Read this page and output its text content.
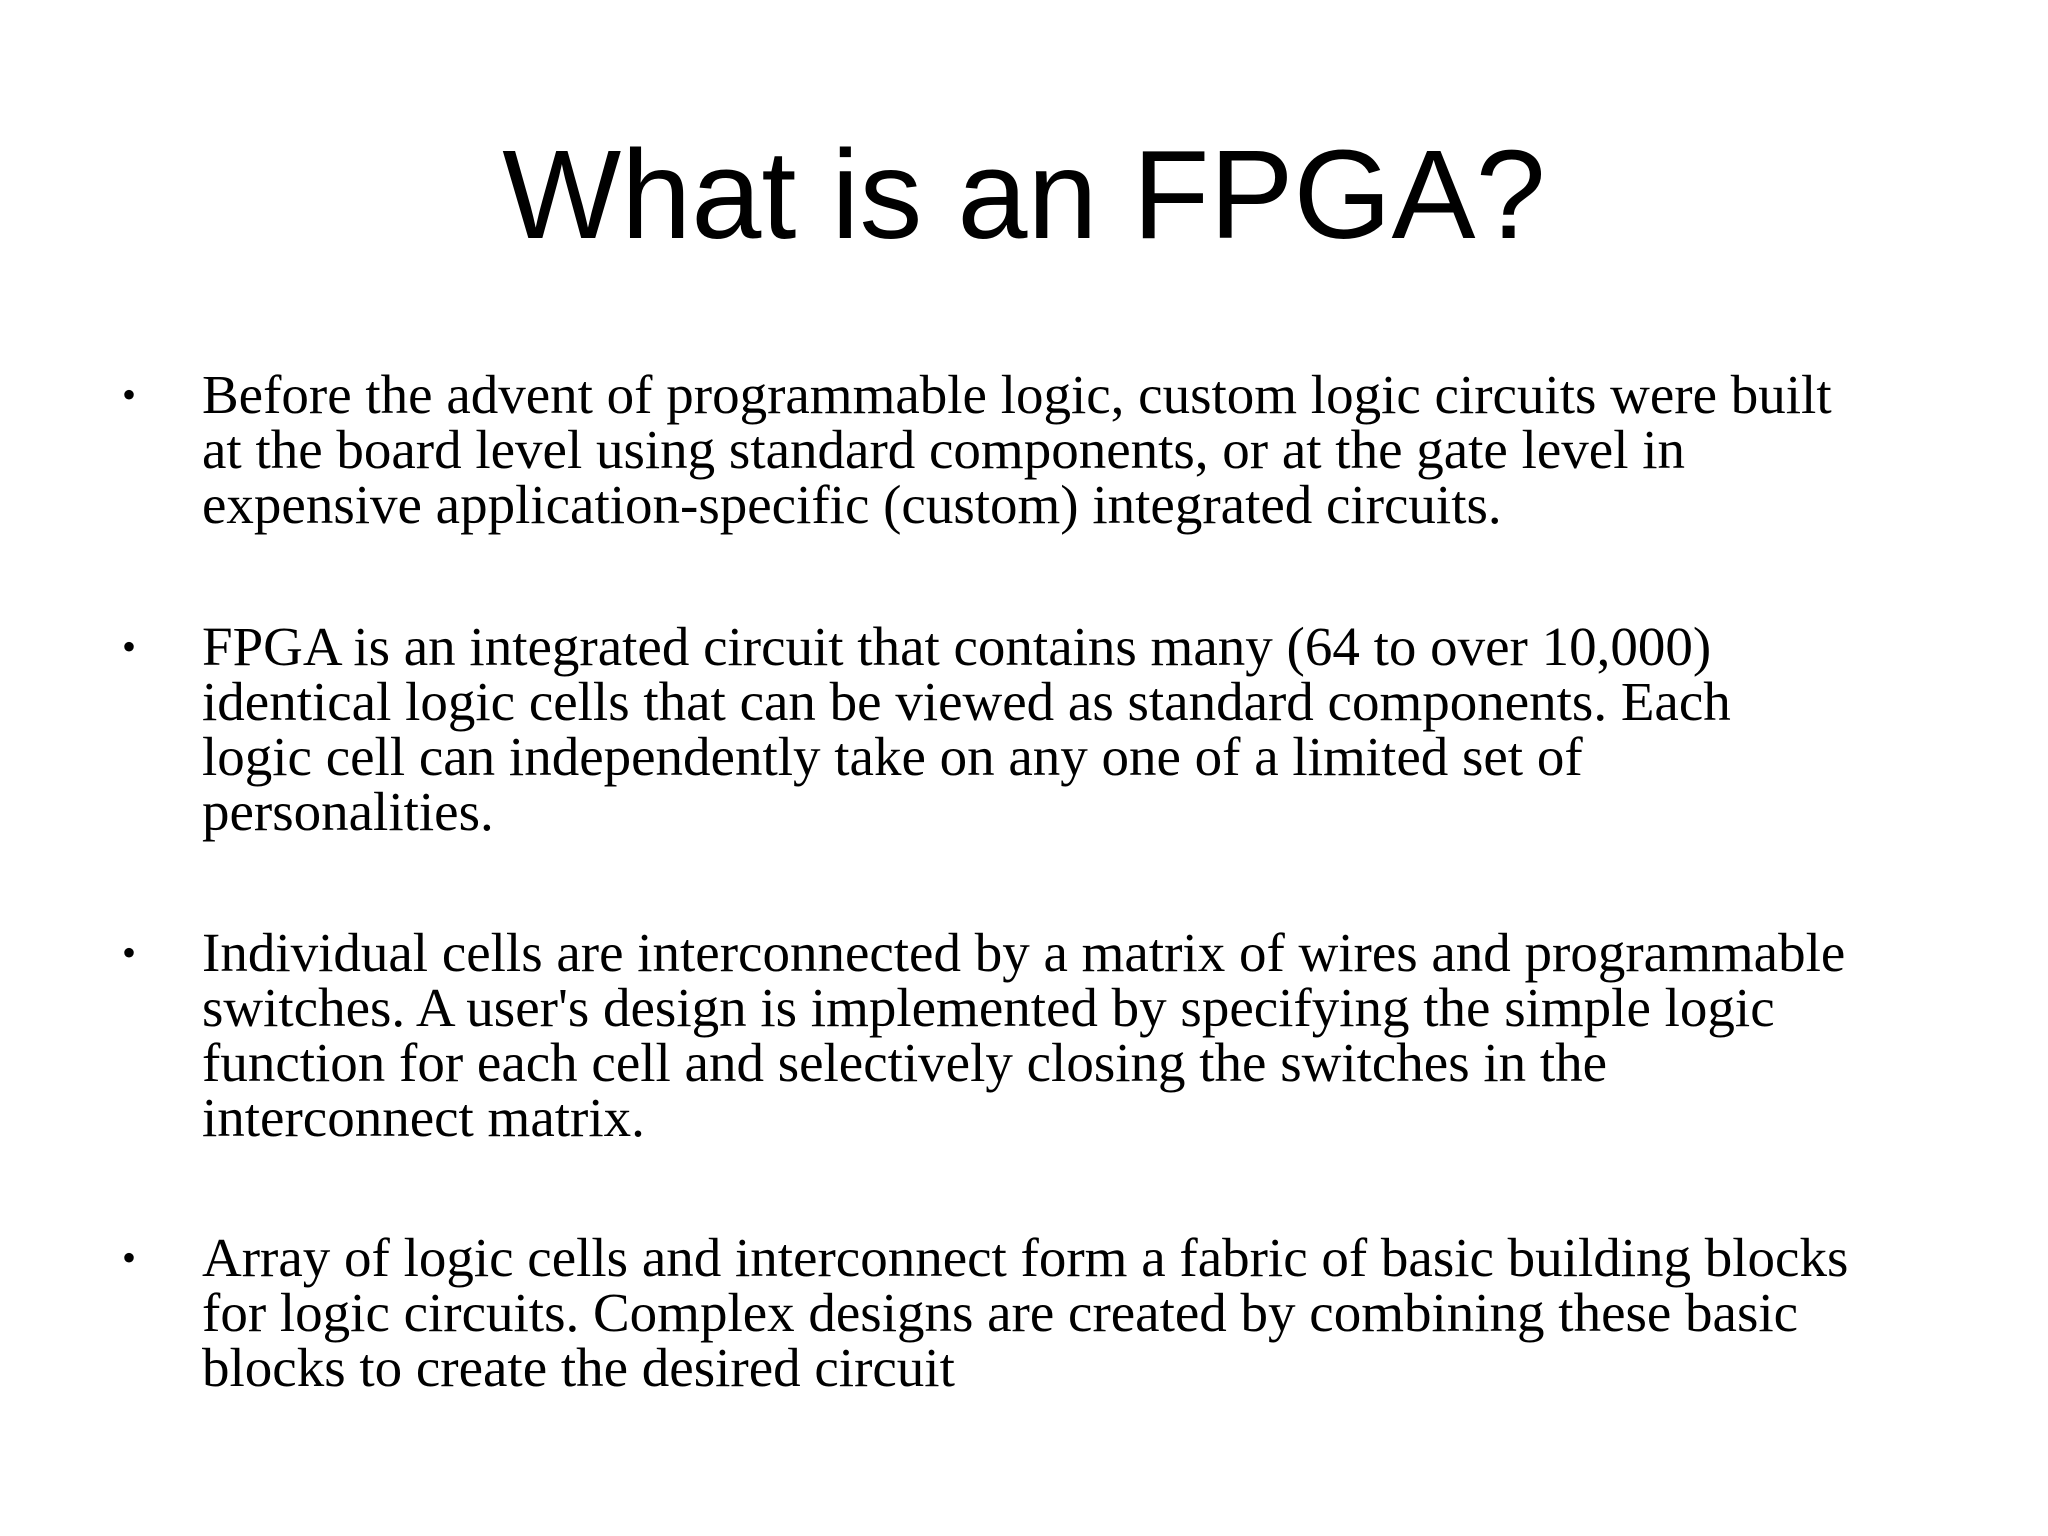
What is an FPGA?
• Before the advent of programmable logic, custom logic circuits were built
at the board level using standard components, or at the gate level in
expensive application-specific (custom) integrated circuits.
• FPGA is an integrated circuit that contains many (64 to over 10,000)
identical logic cells that can be viewed as standard components. Each
logic cell can independently take on any one of a limited set of
personalities.
• Individual cells are interconnected by a matrix of wires and programmable
switches. A user's design is implemented by specifying the simple logic
function for each cell and selectively closing the switches in the
interconnect matrix.
• Array of logic cells and interconnect form a fabric of basic building blocks
for logic circuits. Complex designs are created by combining these basic
blocks to create the desired circuit
